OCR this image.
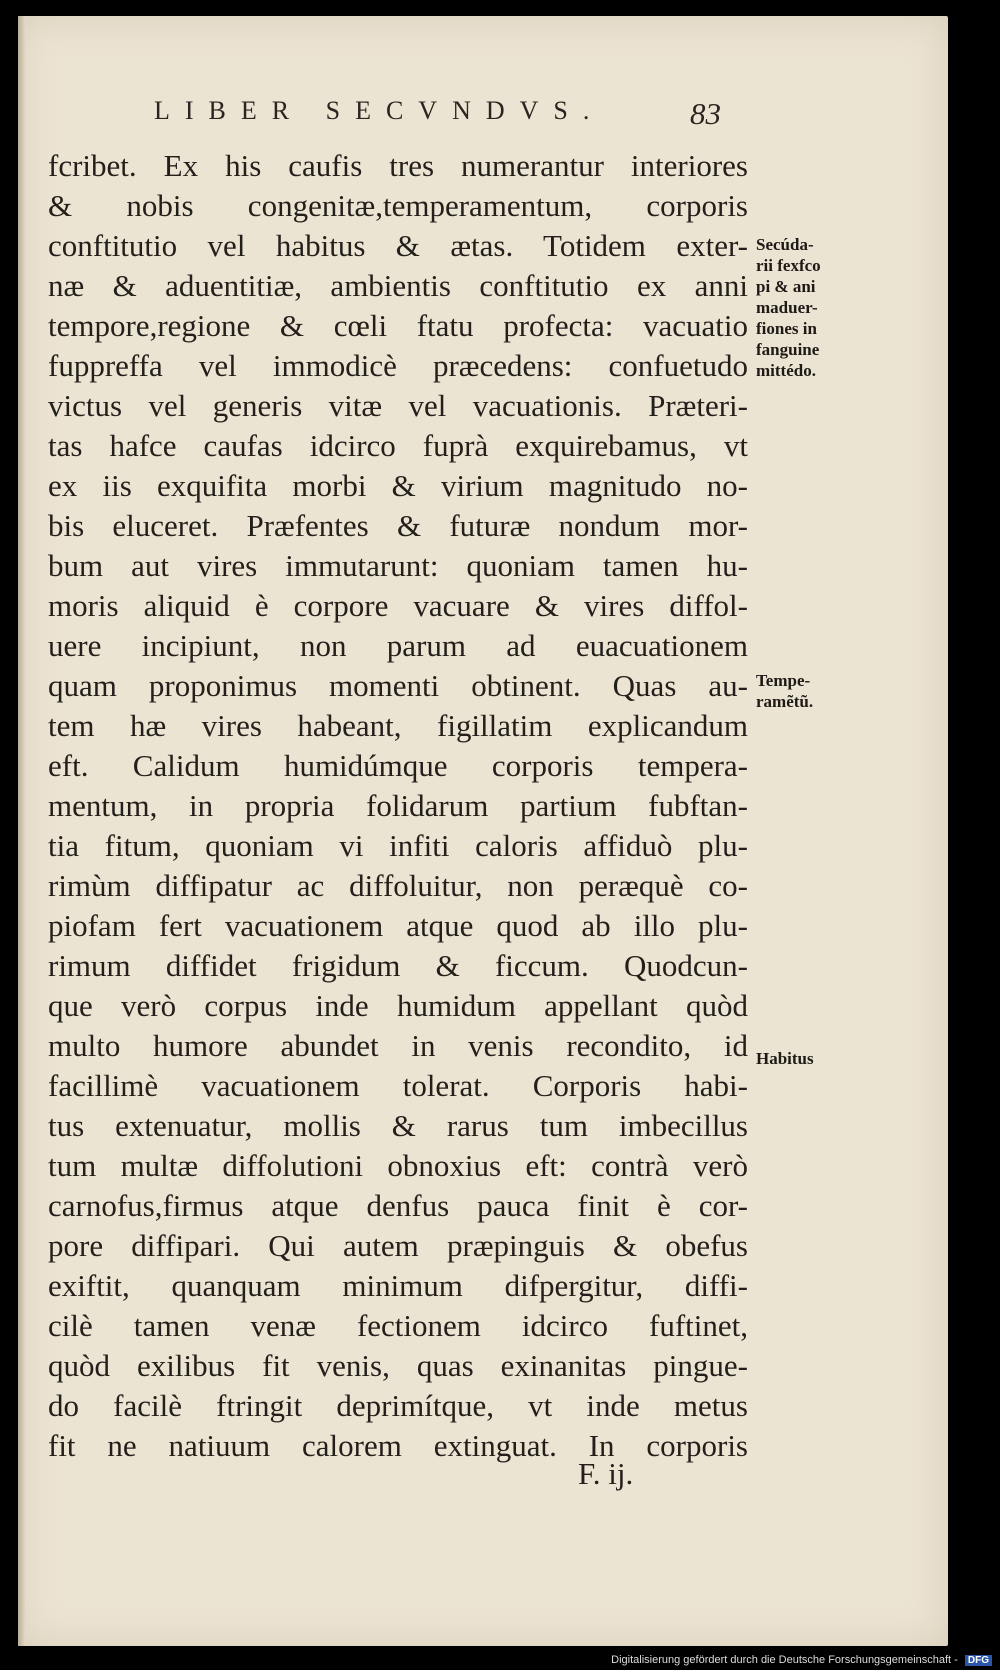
LIBER SECVNDVS.	83
fcribet. Ex his caufis tres numerantur interiores
& nobis congenitæ,temperamentum, corporis
conftitutio vel habitus & ætas. Totidem exter-
næ & aduentitiæ, ambientis conftitutio ex anni
tempore,regione & cœli ftatu profecta: vacuatio
fuppreffa vel immodicè præcedens: confuetudo
victus vel generis vitæ vel vacuationis. Præteri-
tas hafce caufas idcirco fuprà exquirebamus, vt
ex iis exquifita morbi & virium magnitudo no-
bis eluceret. Præfentes & futuræ nondum mor-
bum aut vires immutarunt: quoniam tamen hu-
moris aliquid è corpore vacuare & vires diffol-
uere incipiunt, non parum ad euacuationem
quam proponimus momenti obtinent. Quas au-
tem hæ vires habeant, figillatim explicandum
eft. Calidum humidúmque corporis tempera-
mentum, in propria folidarum partium fubftan-
tia fitum, quoniam vi infiti caloris affiduò plu-
rimùm diffipatur ac diffoluitur, non peræquè co-
piofam fert vacuationem atque quod ab illo plu-
rimum diffidet frigidum & ficcum. Quodcun-
que verò corpus inde humidum appellant quòd
multo humore abundet in venis recondito, id
facillimè vacuationem tolerat. Corporis habi-
tus extenuatur, mollis & rarus tum imbecillus
tum multæ diffolutioni obnoxius eft: contrà verò
carnofus,firmus atque denfus pauca finit è cor-
pore diffipari. Qui autem præpinguis & obefus
exiftit, quanquam minimum difpergitur, diffi-
cilè tamen venæ fectionem idcirco fuftinet,
quòd exilibus fit venis, quas exinanitas pingue-
do facilè ftringit deprimítque, vt inde metus
fit ne natiuum calorem extinguat. In corporis
F. ij.
Secúda-
rii fexfco
pi & ani
maduer-
fiones in
fanguine
mittédo.
Tempe-
ramẽtũ.
Habitus
Digitalisierung gefördert durch die Deutsche Forschungsgemeinschaft - DFG
